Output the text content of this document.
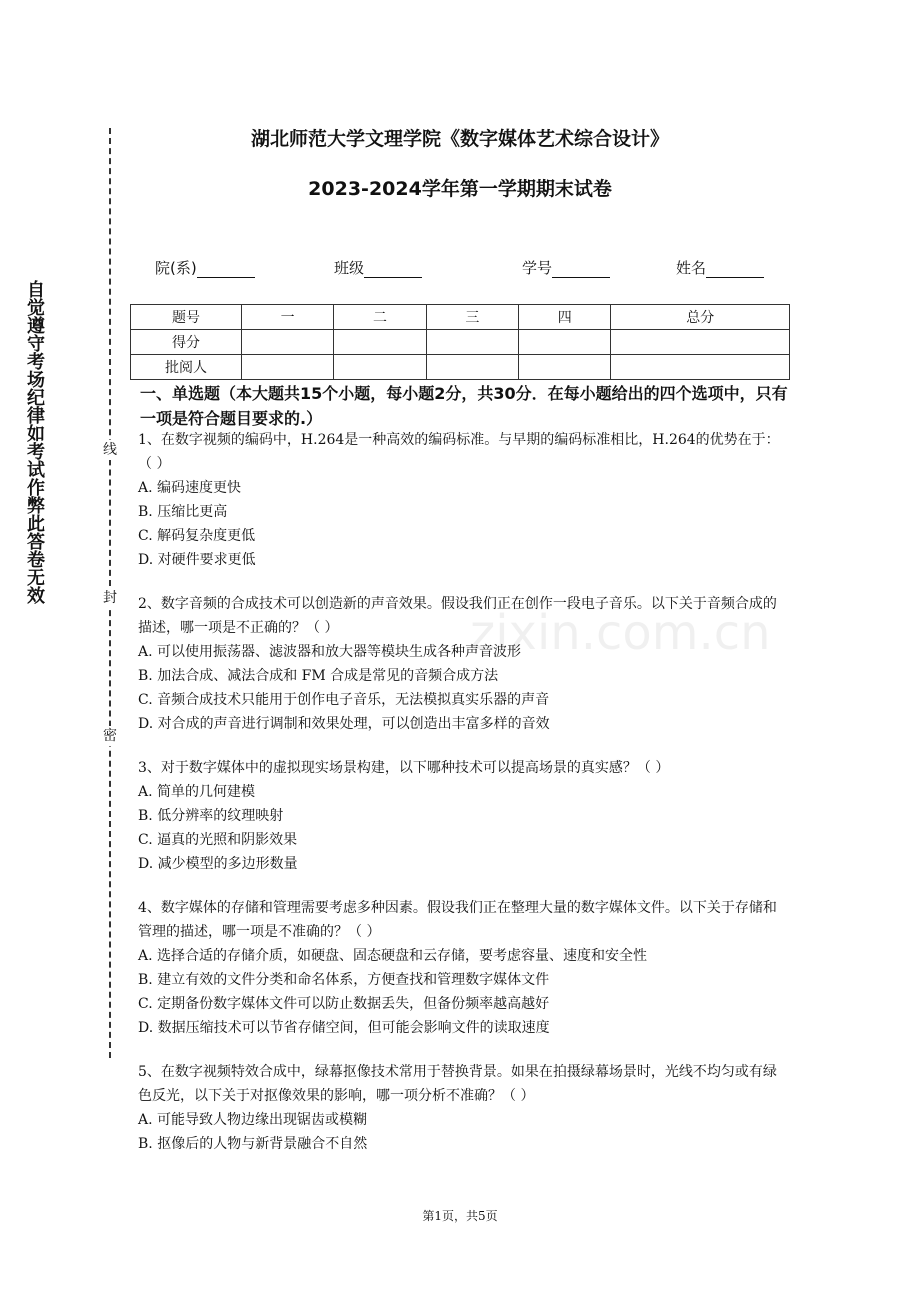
zixin.com.cn
自觉遵守考场纪律如考试作弊此答卷无效	线
封
密
湖北师范大学文理学院《数字媒体艺术综合设计》
2023-2024学年第一学期期末试卷
院(系)	班级	学号	姓名
题号	一	二	三	四	总分
得分					
批阅人					
一、单选题（本大题共15个小题，每小题2分，共30分．在每小题给出的四个选项中，只有一项是符合题目要求的.）

1、在数字视频的编码中，H.264是一种高效的编码标准。与早期的编码标准相比，H.264的优势在于：（ ）

A. 编码速度更快

B. 压缩比更高

C. 解码复杂度更低

D. 对硬件要求更低

2、数字音频的合成技术可以创造新的声音效果。假设我们正在创作一段电子音乐。以下关于音频合成的描述，哪一项是不正确的？（ ）

A. 可以使用振荡器、滤波器和放大器等模块生成各种声音波形

B. 加法合成、减法合成和 FM 合成是常见的音频合成方法

C. 音频合成技术只能用于创作电子音乐，无法模拟真实乐器的声音

D. 对合成的声音进行调制和效果处理，可以创造出丰富多样的音效

3、对于数字媒体中的虚拟现实场景构建，以下哪种技术可以提高场景的真实感？（ ）

A. 简单的几何建模

B. 低分辨率的纹理映射

C. 逼真的光照和阴影效果

D. 减少模型的多边形数量

4、数字媒体的存储和管理需要考虑多种因素。假设我们正在整理大量的数字媒体文件。以下关于存储和管理的描述，哪一项是不准确的？（ ）

A. 选择合适的存储介质，如硬盘、固态硬盘和云存储，要考虑容量、速度和安全性

B. 建立有效的文件分类和命名体系，方便查找和管理数字媒体文件

C. 定期备份数字媒体文件可以防止数据丢失，但备份频率越高越好

D. 数据压缩技术可以节省存储空间，但可能会影响文件的读取速度

5、在数字视频特效合成中，绿幕抠像技术常用于替换背景。如果在拍摄绿幕场景时，光线不均匀或有绿色反光，以下关于对抠像效果的影响，哪一项分析不准确？（ ）

A. 可能导致人物边缘出现锯齿或模糊

B. 抠像后的人物与新背景融合不自然

第1页，共5页
